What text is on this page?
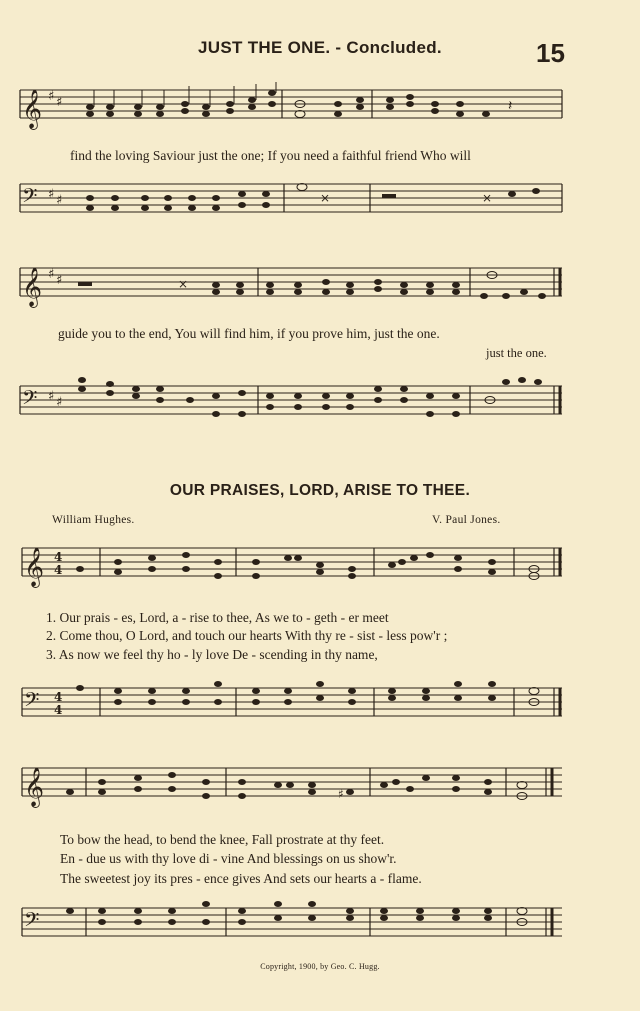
JUST THE ONE. - Concluded.	15
𝄞 ♯ ♯	𝄽
find the loving Saviour just the one; If you need a faithful friend Who will
𝄢 ♯ ♯	×	×
𝄞 ♯ ♯	×
guide you to the end, You will find him, if you prove him, just the one.
just the one.
𝄢 ♯ ♯
OUR PRAISES, LORD, ARISE TO THEE.
William Hughes.	V. Paul Jones.
𝄞 4
4
1. Our prais - es, Lord, a - rise to thee, As we to - geth - er meet
2. Come thou, O Lord, and touch our hearts With thy re - sist - less pow'r ;
3. As now we feel thy ho - ly love De - scending in thy name,
𝄢 4
4
𝄞	♯
To bow the head, to bend the knee, Fall prostrate at thy feet.
En - due us with thy love di - vine And blessings on us show'r.
The sweetest joy its pres - ence gives And sets our hearts a - flame.
𝄢
Copyright, 1900, by Geo. C. Hugg.
